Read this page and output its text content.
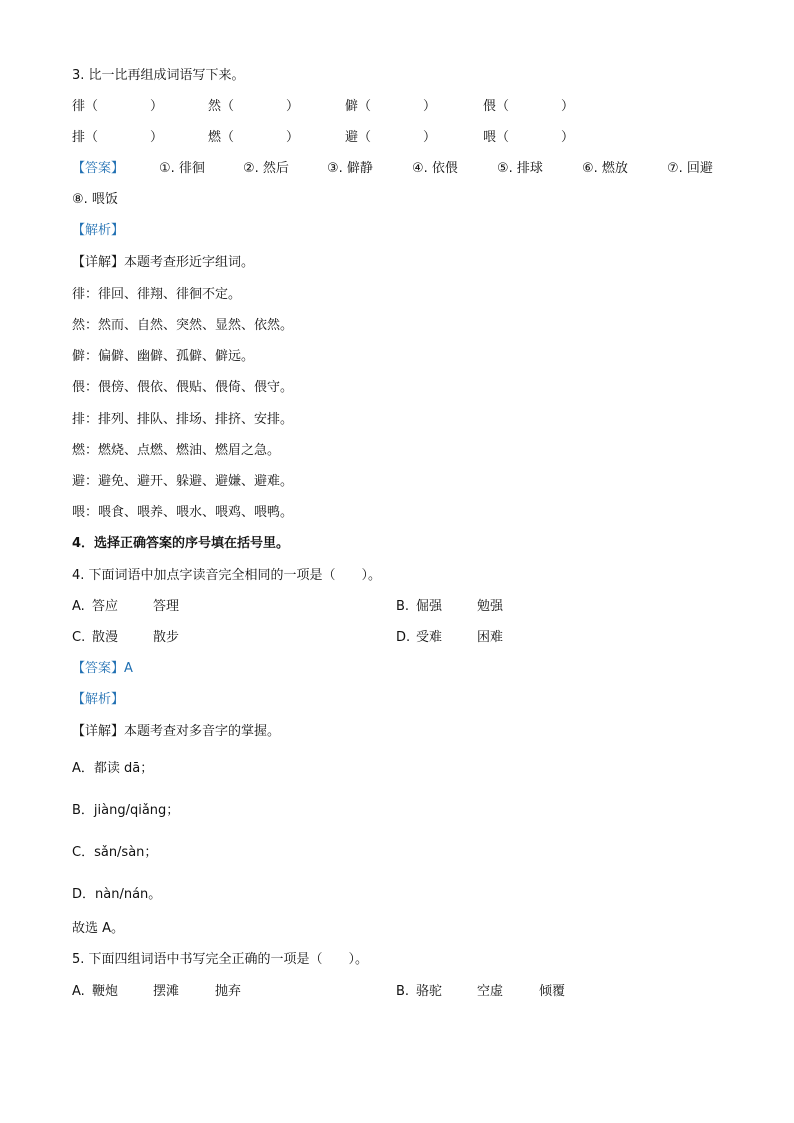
3. 比一比再组成词语写下来。
徘（　　　　）	然（　　　　）	僻（　　　　）	偎（　　　　）
排（　　　　）	燃（　　　　）	避（　　　　）	喂（　　　　）
【答案】	①. 徘徊	②. 然后	③. 僻静	④. 依偎	⑤. 排球	⑥. 燃放	⑦. 回避
⑧. 喂饭
【解析】
【详解】本题考查形近字组词。
徘：徘回、徘翔、徘徊不定。
然：然而、自然、突然、显然、依然。
僻：偏僻、幽僻、孤僻、僻远。
偎：偎傍、偎依、偎贴、偎倚、偎守。
排：排列、排队、排场、排挤、安排。
燃：燃烧、点燃、燃油、燃眉之急。
避：避免、避开、躲避、避嫌、避难。
喂：喂食、喂养、喂水、喂鸡、喂鸭。
4．选择正确答案的序号填在括号里。
4. 下面词语中加点字读音完全相同的一项是（　　）。
A. 答应	答理	B. 倔强	勉强
C. 散漫	散步	D. 受难	困难
【答案】A
【解析】
【详解】本题考查对多音字的掌握。
A．都读 dā；
B．jiàng/qiǎng；
C．sǎn/sàn；
D．nàn/nán。
故选 A。
5. 下面四组词语中书写完全正确的一项是（　　）。
A. 鞭炮	摆滩	抛弃	B. 骆驼	空虚	倾覆
